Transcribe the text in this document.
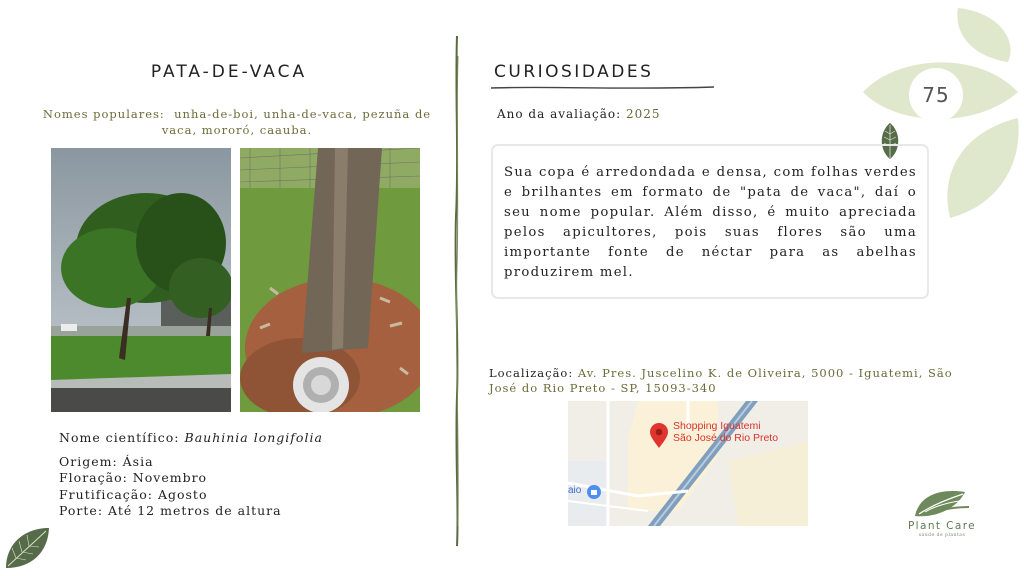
75
PATA-DE-VACA
Nomes populares: unha-de-boi, unha-de-vaca, pezuña de vaca, mororó, caauba.
Nome científico: Bauhinia longifolia
Origem: Ásia
Floração: Novembro
Frutificação: Agosto
Porte: Até 12 metros de altura
CURIOSIDADES
Ano da avaliação: 2025

Sua copa é arredondada e densa, com folhas verdes e brilhantes em formato de "pata de vaca", daí o seu nome popular. Além disso, é muito apreciada pelos apicultores, pois suas flores são uma importante fonte de néctar para as abelhas produzirem mel.

Localização: Av. Pres. Juscelino K. de Oliveira, 5000 - Iguatemi, São José do Rio Preto - SP, 15093-340
Shopping Iguatemi
São José do Rio Preto
aio
Plant Care
saúde de plantas
